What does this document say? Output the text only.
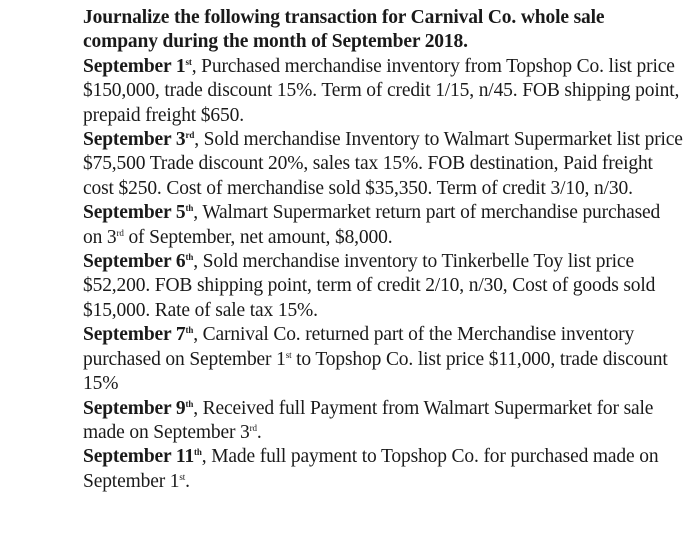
Journalize the following transaction for Carnival Co. whole sale company during the month of September 2018.

September 1st, Purchased merchandise inventory from Topshop Co. list price $150,000, trade discount 15%. Term of credit 1/15, n/45. FOB shipping point, prepaid freight $650.

September 3rd, Sold merchandise Inventory to Walmart Supermarket list price $75,500 Trade discount 20%, sales tax 15%. FOB destination, Paid freight cost $250. Cost of merchandise sold $35,350. Term of credit 3/10, n/30.

September 5th, Walmart Supermarket return part of merchandise purchased on 3rd of September, net amount, $8,000.

September 6th, Sold merchandise inventory to Tinkerbelle Toy list price $52,200. FOB shipping point, term of credit 2/10, n/30, Cost of goods sold $15,000. Rate of sale tax 15%.

September 7th, Carnival Co. returned part of the Merchandise inventory purchased on September 1st to Topshop Co. list price $11,000, trade discount 15%

September 9th, Received full Payment from Walmart Supermarket for sale made on September 3rd.

September 11th, Made full payment to Topshop Co. for purchased made on September 1st.
